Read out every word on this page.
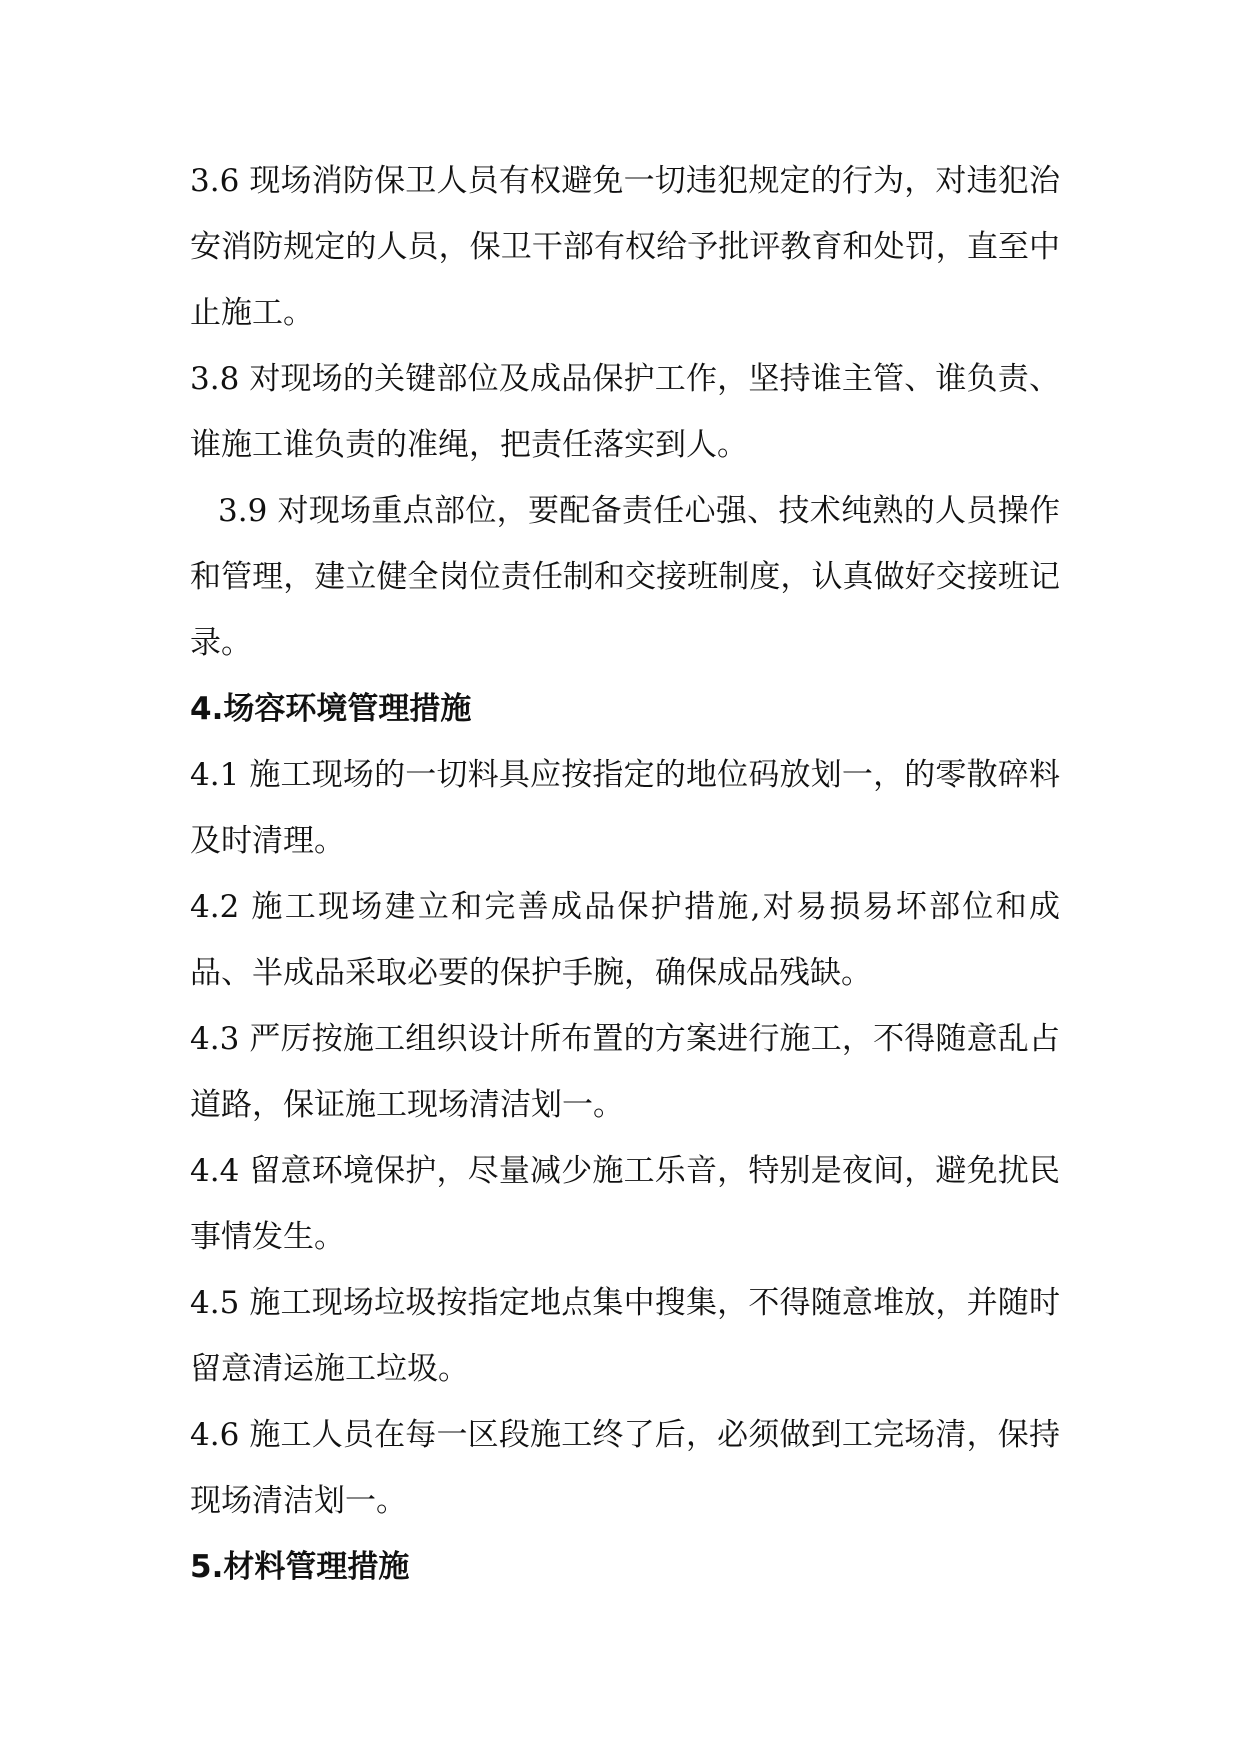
3.6 现场消防保卫人员有权避免一切违犯规定的行为，对违犯治安消防规定的人员，保卫干部有权给予批评教育和处罚，直至中止施工。

3.8 对现场的关键部位及成品保护工作，坚持谁主管、谁负责、谁施工谁负责的准绳，把责任落实到人。

3.9 对现场重点部位，要配备责任心强、技术纯熟的人员操作和管理，建立健全岗位责任制和交接班制度，认真做好交接班记录。

4.场容环境管理措施

4.1 施工现场的一切料具应按指定的地位码放划一，的零散碎料及时清理。

4.2 施工现场建立和完善成品保护措施,对易损易坏部位和成品、半成品采取必要的保护手腕，确保成品残缺。

4.3 严厉按施工组织设计所布置的方案进行施工，不得随意乱占道路，保证施工现场清洁划一。

4.4 留意环境保护，尽量减少施工乐音，特别是夜间，避免扰民事情发生。

4.5 施工现场垃圾按指定地点集中搜集，不得随意堆放，并随时留意清运施工垃圾。

4.6 施工人员在每一区段施工终了后，必须做到工完场清，保持现场清洁划一。

5.材料管理措施
